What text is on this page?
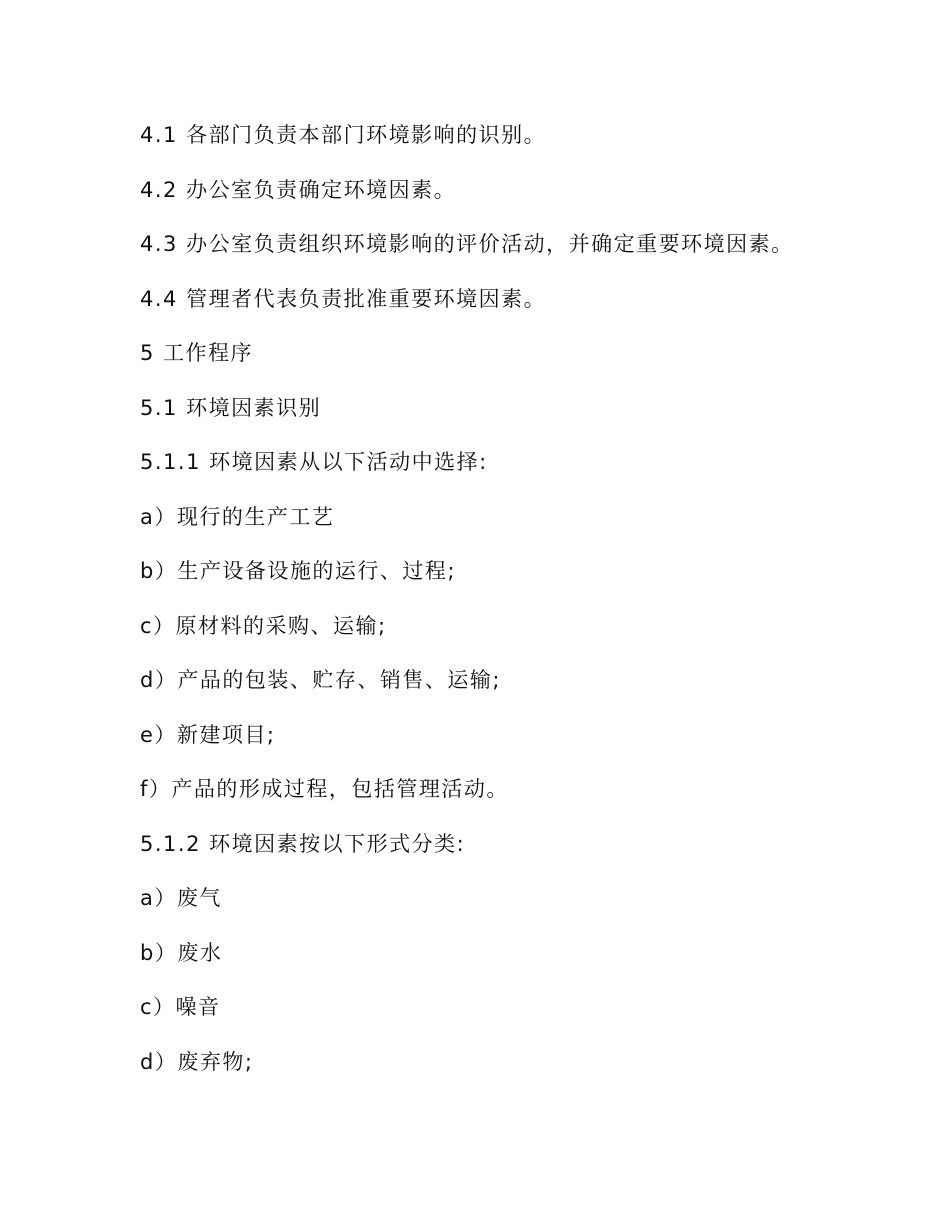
4.1 各部门负责本部门环境影响的识别。

4.2 办公室负责确定环境因素。

4.3 办公室负责组织环境影响的评价活动，并确定重要环境因素。

4.4 管理者代表负责批准重要环境因素。

5 工作程序

5.1 环境因素识别

5.1.1 环境因素从以下活动中选择:

a）现行的生产工艺

b）生产设备设施的运行、过程;

c）原材料的采购、运输;

d）产品的包装、贮存、销售、运输;

e）新建项目;

f）产品的形成过程，包括管理活动。

5.1.2 环境因素按以下形式分类:

a）废气

b）废水

c）噪音

d）废弃物;
